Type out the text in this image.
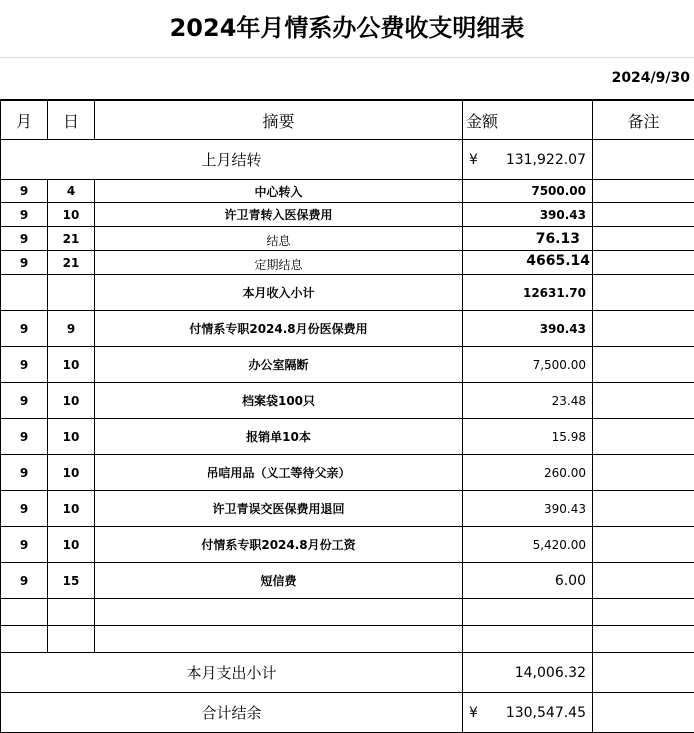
2024年月情系办公费收支明细表
2024/9/30
月	日	摘要	金额	备注
上月结转			¥ 131,922.07	

9	4	中心转入	7500.00	
9	10	许卫青转入医保费用	390.43	
9	21	结息	76.13	
9	21	定期结息	4665.14	
		本月收入小计	12631.70	
9	9	付情系专职2024.8月份医保费用	390.43	
9	10	办公室隔断	7,500.00	
9	10	档案袋100只	23.48	
9	10	报销单10本	15.98	
9	10	吊唁用品（义工等待父亲）	260.00	
9	10	许卫青误交医保费用退回	390.43	
9	10	付情系专职2024.8月份工资	5,420.00	
9	15	短信费	6.00	

本月支出小计			14,006.32	
合计结余			¥ 130,547.45	
